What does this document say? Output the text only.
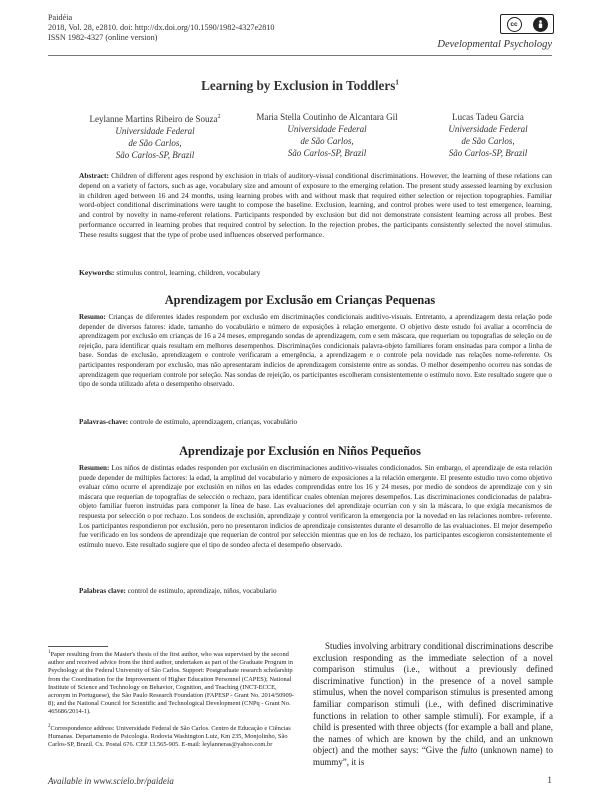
Paidéia
2018, Vol. 28, e2810. doi: http://dx.doi.org/10.1590/1982-4327e2810
ISSN 1982-4327 (online version)
cc
Developmental Psychology
Learning by Exclusion in Toddlers$^1$
Leylanne Martins Ribeiro de Souza$^2$
Universidade Federal
de São Carlos,
São Carlos-SP, Brazil
Maria Stella Coutinho de Alcantara Gil
Universidade Federal
de São Carlos,
São Carlos-SP, Brazil
Lucas Tadeu Garcia
Universidade Federal
de São Carlos,
São Carlos-SP, Brazil
Abstract: Children of different ages respond by exclusion in trials of auditory-visual conditional discriminations. However, the learning of these relations can depend on a variety of factors, such as age, vocabulary size and amount of exposure to the emerging relation. The present study assessed learning by exclusion in children aged between 16 and 24 months, using learning probes with and without mask that required either selection or rejection topographies. Familiar word-object conditional discriminations were taught to compose the baseline. Exclusion, learning, and control probes were used to test emergence, learning, and control by novelty in name-referent relations. Participants responded by exclusion but did not demonstrate consistent learning across all probes. Best performance occurred in learning probes that required control by selection. In the rejection probes, the participants consistently selected the novel stimulus. These results suggest that the type of probe used influences observed performance.
Keywords: stimulus control, learning, children, vocabulary
Aprendizagem por Exclusão em Crianças Pequenas
Resumo: Crianças de diferentes idades respondem por exclusão em discriminações condicionais auditivo-visuais. Entretanto, a aprendizagem desta relação pode depender de diversos fatores: idade, tamanho do vocabulário e número de exposições à relação emergente. O objetivo deste estudo foi avaliar a ocorrência de aprendizagem por exclusão em crianças de 16 a 24 meses, empregando sondas de aprendizagem, com e sem máscara, que requeriam ou topografias de seleção ou de rejeição, para identificar quais resultam em melhores desempenhos. Discriminações condicionais palavra-objeto familiares foram ensinadas para compor a linha de base. Sondas de exclusão, aprendizagem e controle verificaram a emergência, a aprendizagem e o controle pela novidade nas relações nome-referente. Os participantes responderam por exclusão, mas não apresentaram indícios de aprendizagem consistente entre as sondas. O melhor desempenho ocorreu nas sondas de aprendizagem que requeriam controle por seleção. Nas sondas de rejeição, os participantes escolheram consistentemente o estímulo novo. Este resultado sugere que o tipo de sonda utilizado afeta o desempenho observado.
Palavras-chave: controle de estímulo, aprendizagem, crianças, vocabulário
Aprendizaje por Exclusión en Niños Pequeños
Resumen: Los niños de distintas edades responden por exclusión en discriminaciones auditivo-visuales condicionados. Sin embargo, el aprendizaje de esta relación puede depender de múltiples factores: la edad, la amplitud del vocabulario y número de exposiciones a la relación emergente. El presente estudio tuvo como objetivo evaluar cómo ocurre el aprendizaje por exclusión en niños en las edades comprendidas entre los 16 y 24 meses, por medio de sondeos de aprendizaje con y sin máscara que requerían de topografías de selección o rechazo, para identificar cuales obtenían mejores desempeños. Las discriminaciones condicionadas de palabra-objeto familiar fueron instruidas para componer la línea de base. Las evaluaciones del aprendizaje ocurrían con y sin la máscara, lo que exigía mecanismos de respuesta por selección o por rechazo. Los sondeos de exclusión, aprendizaje y control verificaron la emergencia por la novedad en las relaciones nombre- referente. Los participantes respondieron por exclusión, pero no presentaron indicios de aprendizaje consistentes durante el desarrollo de las evaluaciones. El mejor desempeño fue verificado en los sondeos de aprendizaje que requerían de control por selección mientras que en los de rechazo, los participantes escogieron consistentemente el estímulo nuevo. Este resultado sugiere que el tipo de sondeo afecta el desempeño observado.
Palabras clave: control de estímulo, aprendizaje, niños, vocabulario
$^1$Paper resulting from the Master's thesis of the first author, who was supervised by the second author and received advice from the third author, undertaken as part of the Graduate Program in Psychology at the Federal University of São Carlos. Support: Postgraduate research scholarship from the Coordination for the Improvement of Higher Education Personnel (CAPES); National Institute of Science and Technology on Behavior, Cognition, and Teaching (INCT-ECCE, acronym in Portuguese), the São Paulo Research Foundation (FAPESP - Grant No. 2014/50909-8); and the National Council for Scientific and Technological Development (CNPq - Grant No. 465686/2014-1).
$^2$Correspondence address: Universidade Federal de São Carlos. Centro de Educação e Ciências Humanas. Departamento de Psicologia. Rodovia Washington Luiz, Km 235, Monjolinho, São Carlos-SP, Brazil. Cx. Postal 676. CEP 13.565-905. E-mail: leylanneras@yahoo.com.br
Studies involving arbitrary conditional discriminations describe exclusion responding as the immediate selection of a novel comparison stimulus (i.e., without a previously defined discriminative function) in the presence of a novel sample stimulus, when the novel comparison stimulus is presented among familiar comparison stimuli (i.e., with defined discriminative functions in relation to other sample stimuli). For example, if a child is presented with three objects (for example a ball and plane, the names of which are known by the child, and an unknown object) and the mother says: “Give the fulto (unknown name) to mummy”, it is
Available in www.scielo.br/paideia	1
